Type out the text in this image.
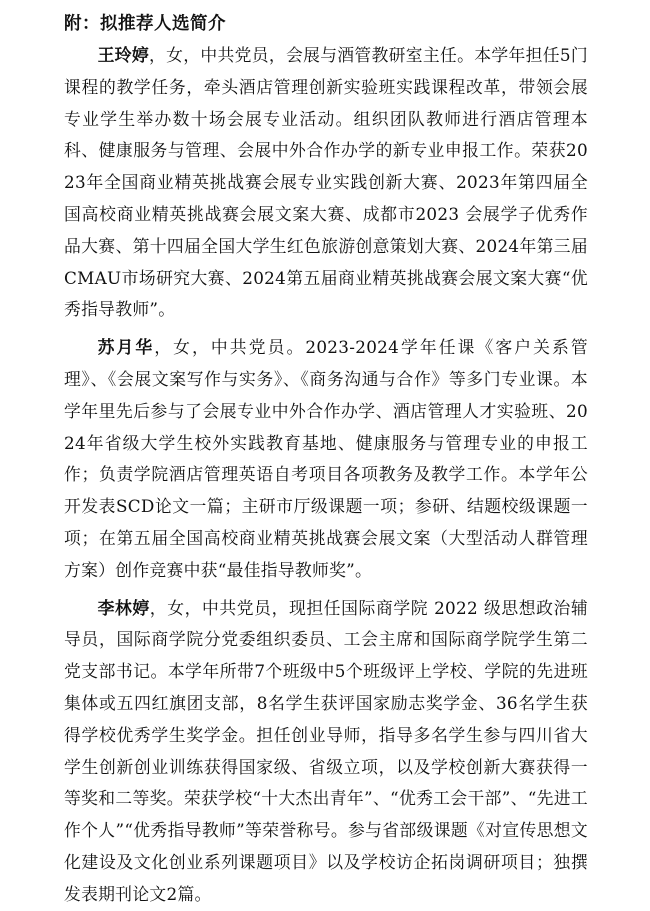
附：拟推荐人选简介

王玲婷，女，中共党员，会展与酒管教研室主任。本学年担任5门课程的教学任务，牵头酒店管理创新实验班实践课程改革，带领会展专业学生举办数十场会展专业活动。组织团队教师进行酒店管理本科、健康服务与管理、会展中外合作办学的新专业申报工作。荣获2023年全国商业精英挑战赛会展专业实践创新大赛、2023年第四届全国高校商业精英挑战赛会展文案大赛、成都市2023 会展学子优秀作品大赛、第十四届全国大学生红色旅游创意策划大赛、2024年第三届CMAU市场研究大赛、2024第五届商业精英挑战赛会展文案大赛“优秀指导教师”。

苏月华，女，中共党员。2023-2024学年任课《客户关系管理》、《会展文案写作与实务》、《商务沟通与合作》等多门专业课。本学年里先后参与了会展专业中外合作办学、酒店管理人才实验班、2024年省级大学生校外实践教育基地、健康服务与管理专业的申报工作；负责学院酒店管理英语自考项目各项教务及教学工作。本学年公开发表SCD论文一篇；主研市厅级课题一项；参研、结题校级课题一项；在第五届全国高校商业精英挑战赛会展文案（大型活动人群管理方案）创作竞赛中获“最佳指导教师奖”。

李林婷，女，中共党员，现担任国际商学院 2022 级思想政治辅导员，国际商学院分党委组织委员、工会主席和国际商学院学生第二党支部书记。本学年所带7个班级中5个班级评上学校、学院的先进班集体或五四红旗团支部，8名学生获评国家励志奖学金、36名学生获得学校优秀学生奖学金。担任创业导师，指导多名学生参与四川省大学生创新创业训练获得国家级、省级立项，以及学校创新大赛获得一等奖和二等奖。荣获学校“十大杰出青年”、“优秀工会干部”、“先进工作个人”“优秀指导教师”等荣誉称号。参与省部级课题《对宣传思想文化建设及文化创业系列课题项目》以及学校访企拓岗调研项目；独撰发表期刊论文2篇。
